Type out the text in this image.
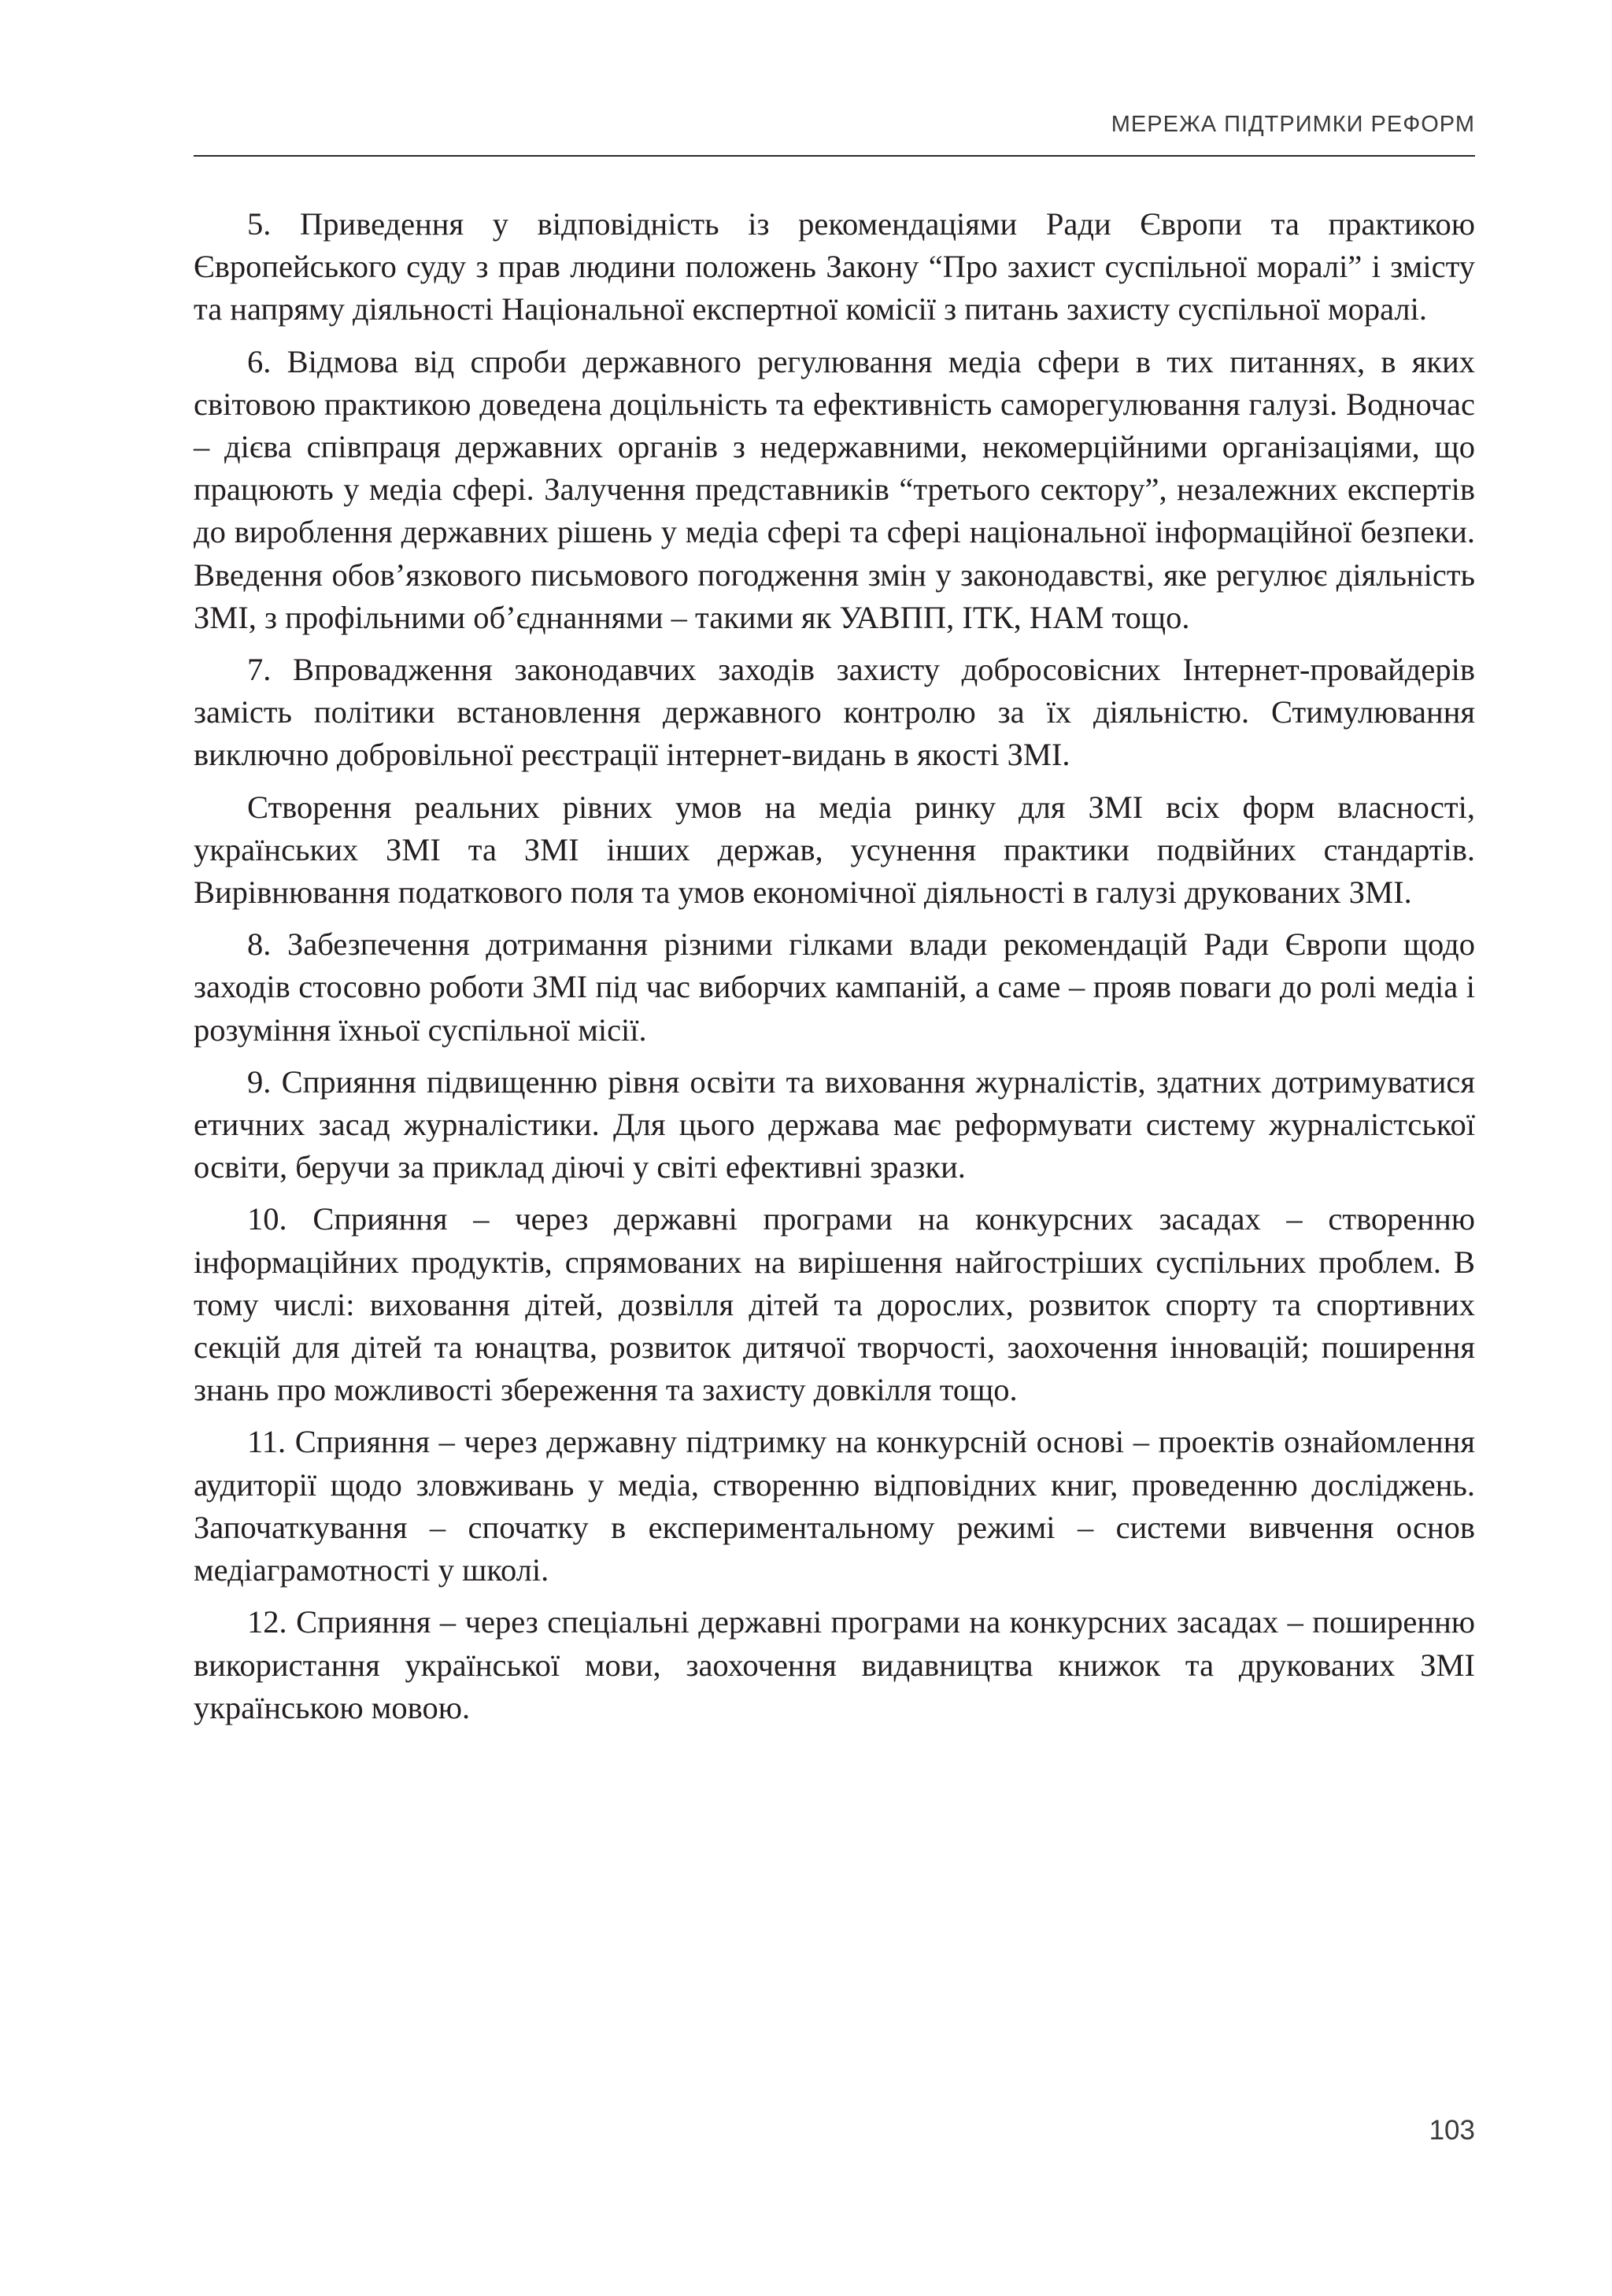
МЕРЕЖА ПІДТРИМКИ РЕФОРМ

5. Приведення у відповідність із рекомендаціями Ради Європи та практикою Європейського суду з прав людини положень Закону “Про захист суспільної моралі” і змісту та напряму діяльності Національної експертної комісії з питань захисту суспільної моралі.

6. Відмова від спроби державного регулювання медіа сфери в тих питаннях, в яких світовою практикою доведена доцільність та ефективність саморегулювання галузі. Водночас – дієва співпраця державних органів з недержавними, некомерційними організаціями, що працюють у медіа сфері. Залучення представників “третього сектору”, незалежних експертів до вироблення державних рішень у медіа сфері та сфері національної інформаційної безпеки. Введення обов’язкового письмового погодження змін у законодавстві, яке регулює діяльність ЗМІ, з профільними об’єднаннями – такими як УАВПП, ІТК, НАМ тощо.

7. Впровадження законодавчих заходів захисту добросовісних Інтернет-провайдерів замість політики встановлення державного контролю за їх діяльністю. Стимулювання виключно добровільної реєстрації інтернет-видань в якості ЗМІ.

Створення реальних рівних умов на медіа ринку для ЗМІ всіх форм власності, українських ЗМІ та ЗМІ інших держав, усунення практики подвійних стандартів. Вирівнювання податкового поля та умов економічної діяльності в галузі друкованих ЗМІ.

8. Забезпечення дотримання різними гілками влади рекомендацій Ради Європи щодо заходів стосовно роботи ЗМІ під час виборчих кампаній, а саме – прояв поваги до ролі медіа і розуміння їхньої суспільної місії.

9. Сприяння підвищенню рівня освіти та виховання журналістів, здатних дотримуватися етичних засад журналістики. Для цього держава має реформувати систему журналістської освіти, беручи за приклад діючі у світі ефективні зразки.

10. Сприяння – через державні програми на конкурсних засадах – створенню інформаційних продуктів, спрямованих на вирішення найгостріших суспільних проблем. В тому числі: виховання дітей, дозвілля дітей та дорослих, розвиток спорту та спортивних секцій для дітей та юнацтва, розвиток дитячої творчості, заохочення інновацій; поширення знань про можливості збереження та захисту довкілля тощо.

11. Сприяння – через державну підтримку на конкурсній основі – проектів ознайомлення аудиторії щодо зловживань у медіа, створенню відповідних книг, проведенню досліджень. Започаткування – спочатку в експериментальному режимі – системи вивчення основ медіаграмотності у школі.

12. Сприяння – через спеціальні державні програми на конкурсних засадах – поширенню використання української мови, заохочення видавництва книжок та друкованих ЗМІ українською мовою.

103
